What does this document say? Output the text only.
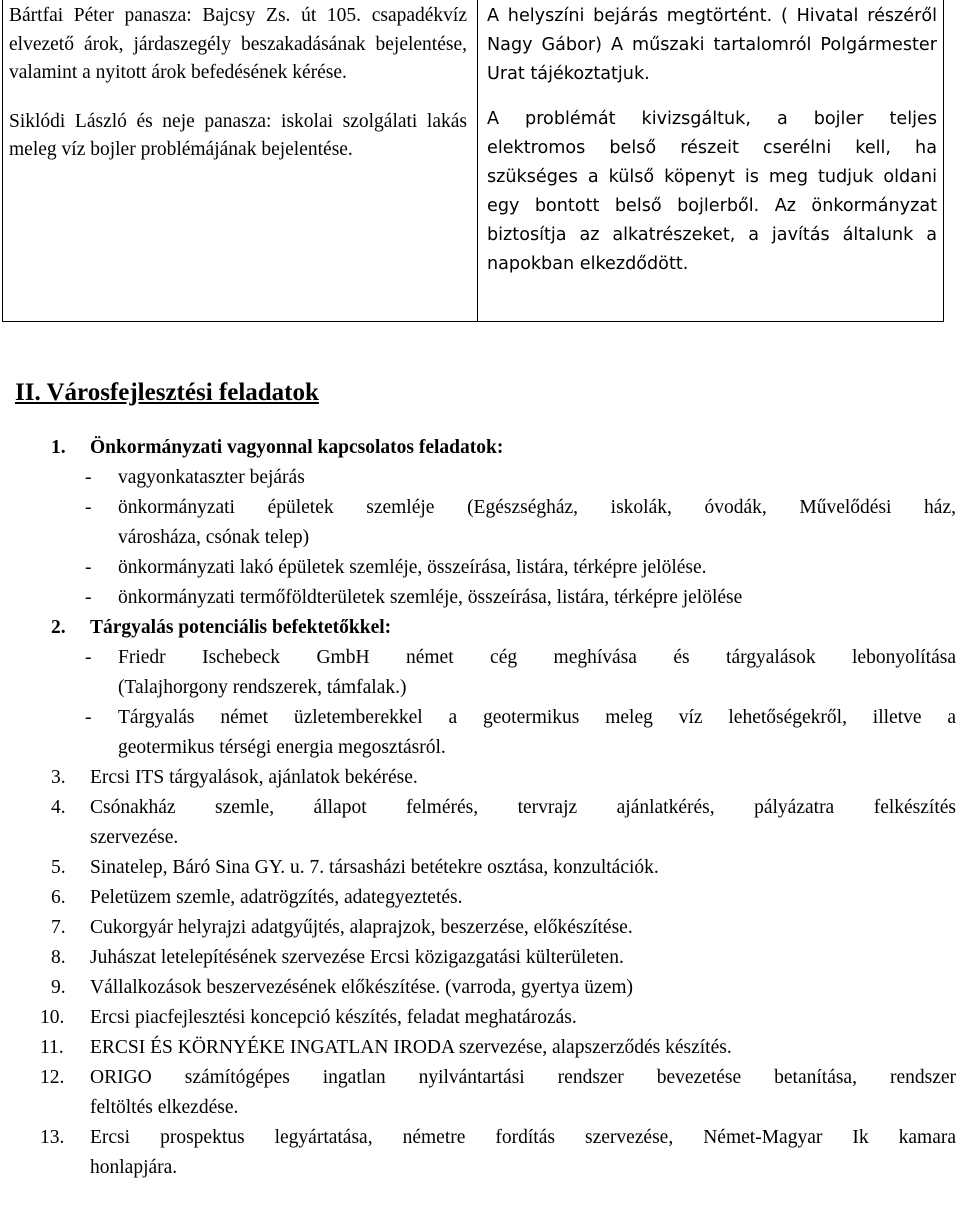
Bártfai Péter panasza: Bajcsy Zs. út 105. csapadékvíz elvezető árok, járdaszegély beszakadásának bejelentése, valamint a nyitott árok befedésének kérése.

Siklódi László és neje panasza: iskolai szolgálati lakás meleg víz bojler problémájának bejelentése.

A helyszíni bejárás megtörtént. ( Hivatal részéről Nagy Gábor) A műszaki tartalomról Polgármester Urat tájékoztatjuk.

A problémát kivizsgáltuk, a bojler teljes elektromos belső részeit cserélni kell, ha szükséges a külső köpenyt is meg tudjuk oldani egy bontott belső bojlerből. Az önkormányzat biztosítja az alkatrészeket, a javítás általunk a napokban elkezdődött.

II. Városfejlesztési feladatok
1. Önkormányzati vagyonnal kapcsolatos feladatok:
- vagyonkataszter bejárás
- önkormányzati épületek szemléje (Egészségház, iskolák, óvodák, Művelődési ház,
városháza, csónak telep)
- önkormányzati lakó épületek szemléje, összeírása, listára, térképre jelölése.
- önkormányzati termőföldterületek szemléje, összeírása, listára, térképre jelölése
2. Tárgyalás potenciális befektetőkkel:
- Friedr Ischebeck GmbH német cég meghívása és tárgyalások lebonyolítása
(Talajhorgony rendszerek, támfalak.)
- Tárgyalás német üzletemberekkel a geotermikus meleg víz lehetőségekről, illetve a
geotermikus térségi energia megosztásról.
3. Ercsi ITS tárgyalások, ajánlatok bekérése.
4. Csónakház szemle, állapot felmérés, tervrajz ajánlatkérés, pályázatra felkészítés
szervezése.
5. Sinatelep, Báró Sina GY. u. 7. társasházi betétekre osztása, konzultációk.
6. Peletüzem szemle, adatrögzítés, adategyeztetés.
7. Cukorgyár helyrajzi adatgyűjtés, alaprajzok, beszerzése, előkészítése.
8. Juhászat letelepítésének szervezése Ercsi közigazgatási külterületen.
9. Vállalkozások beszervezésének előkészítése. (varroda, gyertya üzem)
10. Ercsi piacfejlesztési koncepció készítés, feladat meghatározás.
11. ERCSI ÉS KÖRNYÉKE INGATLAN IRODA szervezése, alapszerződés készítés.
12. ORIGO számítógépes ingatlan nyilvántartási rendszer bevezetése betanítása, rendszer
feltöltés elkezdése.
13. Ercsi prospektus legyártatása, németre fordítás szervezése, Német-Magyar Ik kamara
honlapjára.
